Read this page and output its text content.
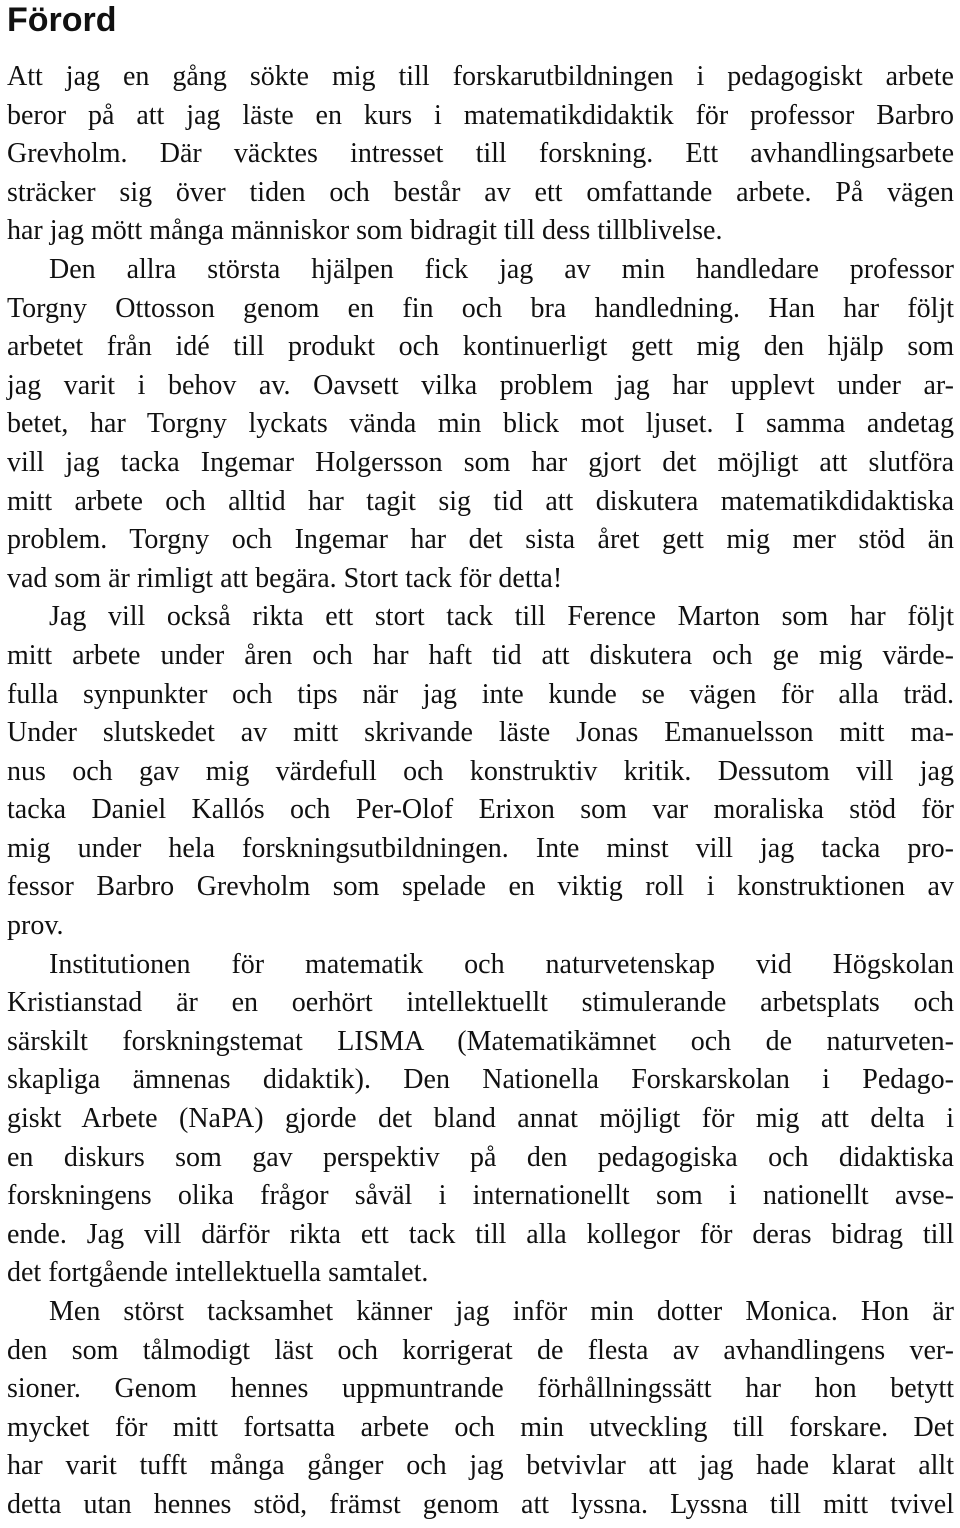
Förord
Att jag en gång sökte mig till forskarutbildningen i pedagogiskt arbete
beror på att jag läste en kurs i matematikdidaktik för professor Barbro
Grevholm. Där väcktes intresset till forskning. Ett avhandlingsarbete
sträcker sig över tiden och består av ett omfattande arbete. På vägen
har jag mött många människor som bidragit till dess tillblivelse.
Den allra största hjälpen fick jag av min handledare professor
Torgny Ottosson genom en fin och bra handledning. Han har följt
arbetet från idé till produkt och kontinuerligt gett mig den hjälp som
jag varit i behov av. Oavsett vilka problem jag har upplevt under ar-
betet, har Torgny lyckats vända min blick mot ljuset. I samma andetag
vill jag tacka Ingemar Holgersson som har gjort det möjligt att slutföra
mitt arbete och alltid har tagit sig tid att diskutera matematikdidaktiska
problem. Torgny och Ingemar har det sista året gett mig mer stöd än
vad som är rimligt att begära. Stort tack för detta!
Jag vill också rikta ett stort tack till Ference Marton som har följt
mitt arbete under åren och har haft tid att diskutera och ge mig värde-
fulla synpunkter och tips när jag inte kunde se vägen för alla träd.
Under slutskedet av mitt skrivande läste Jonas Emanuelsson mitt ma-
nus och gav mig värdefull och konstruktiv kritik. Dessutom vill jag
tacka Daniel Kallós och Per-Olof Erixon som var moraliska stöd för
mig under hela forskningsutbildningen. Inte minst vill jag tacka pro-
fessor Barbro Grevholm som spelade en viktig roll i konstruktionen av
prov.
Institutionen för matematik och naturvetenskap vid Högskolan
Kristianstad är en oerhört intellektuellt stimulerande arbetsplats och
särskilt forskningstemat LISMA (Matematikämnet och de naturveten-
skapliga ämnenas didaktik). Den Nationella Forskarskolan i Pedago-
giskt Arbete (NaPA) gjorde det bland annat möjligt för mig att delta i
en diskurs som gav perspektiv på den pedagogiska och didaktiska
forskningens olika frågor såväl i internationellt som i nationellt avse-
ende. Jag vill därför rikta ett tack till alla kollegor för deras bidrag till
det fortgående intellektuella samtalet.
Men störst tacksamhet känner jag inför min dotter Monica. Hon är
den som tålmodigt läst och korrigerat de flesta av avhandlingens ver-
sioner. Genom hennes uppmuntrande förhållningssätt har hon betytt
mycket för mitt fortsatta arbete och min utveckling till forskare. Det
har varit tufft många gånger och jag betvivlar att jag hade klarat allt
detta utan hennes stöd, främst genom att lyssna. Lyssna till mitt tvivel
